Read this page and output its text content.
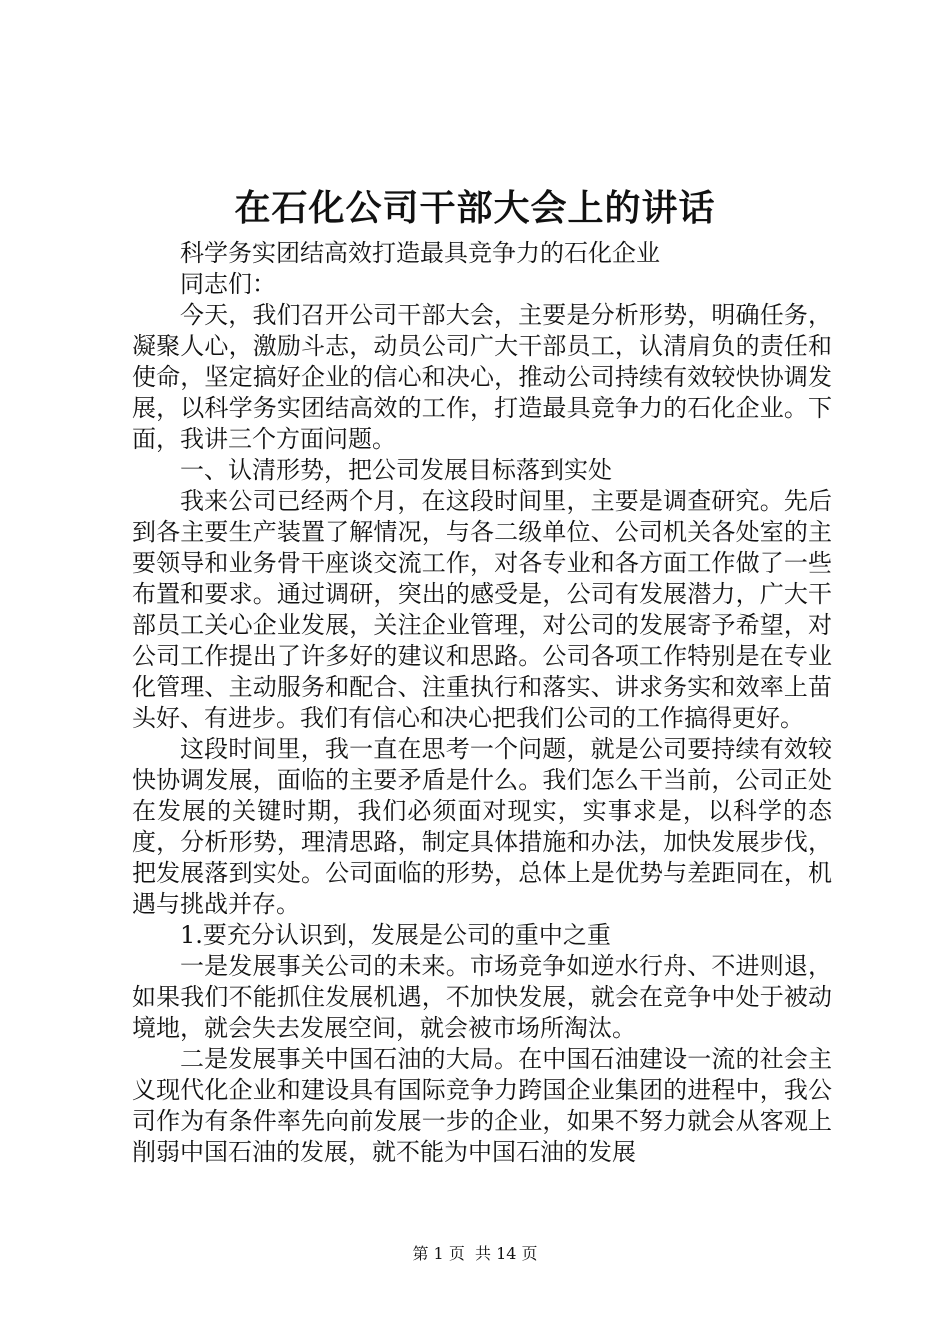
在石化公司干部大会上的讲话

科学务实团结高效打造最具竞争力的石化企业

同志们：

今天，我们召开公司干部大会，主要是分析形势，明确任务，凝聚人心，激励斗志，动员公司广大干部员工，认清肩负的责任和使命，坚定搞好企业的信心和决心，推动公司持续有效较快协调发展，以科学务实团结高效的工作，打造最具竞争力的石化企业。下面，我讲三个方面问题。

一、认清形势，把公司发展目标落到实处

我来公司已经两个月，在这段时间里，主要是调查研究。先后到各主要生产装置了解情况，与各二级单位、公司机关各处室的主要领导和业务骨干座谈交流工作，对各专业和各方面工作做了一些布置和要求。通过调研，突出的感受是，公司有发展潜力，广大干部员工关心企业发展，关注企业管理，对公司的发展寄予希望，对公司工作提出了许多好的建议和思路。公司各项工作特别是在专业化管理、主动服务和配合、注重执行和落实、讲求务实和效率上苗头好、有进步。我们有信心和决心把我们公司的工作搞得更好。

这段时间里，我一直在思考一个问题，就是公司要持续有效较快协调发展，面临的主要矛盾是什么。我们怎么干当前，公司正处在发展的关键时期，我们必须面对现实，实事求是，以科学的态度，分析形势，理清思路，制定具体措施和办法，加快发展步伐，把发展落到实处。公司面临的形势，总体上是优势与差距同在，机遇与挑战并存。

1.要充分认识到，发展是公司的重中之重

一是发展事关公司的未来。市场竞争如逆水行舟、不进则退，如果我们不能抓住发展机遇，不加快发展，就会在竞争中处于被动境地，就会失去发展空间，就会被市场所淘汰。

二是发展事关中国石油的大局。在中国石油建设一流的社会主义现代化企业和建设具有国际竞争力跨国企业集团的进程中，我公司作为有条件率先向前发展一步的企业，如果不努力就会从客观上削弱中国石油的发展，就不能为中国石油的发展

第 1 页  共 14 页
